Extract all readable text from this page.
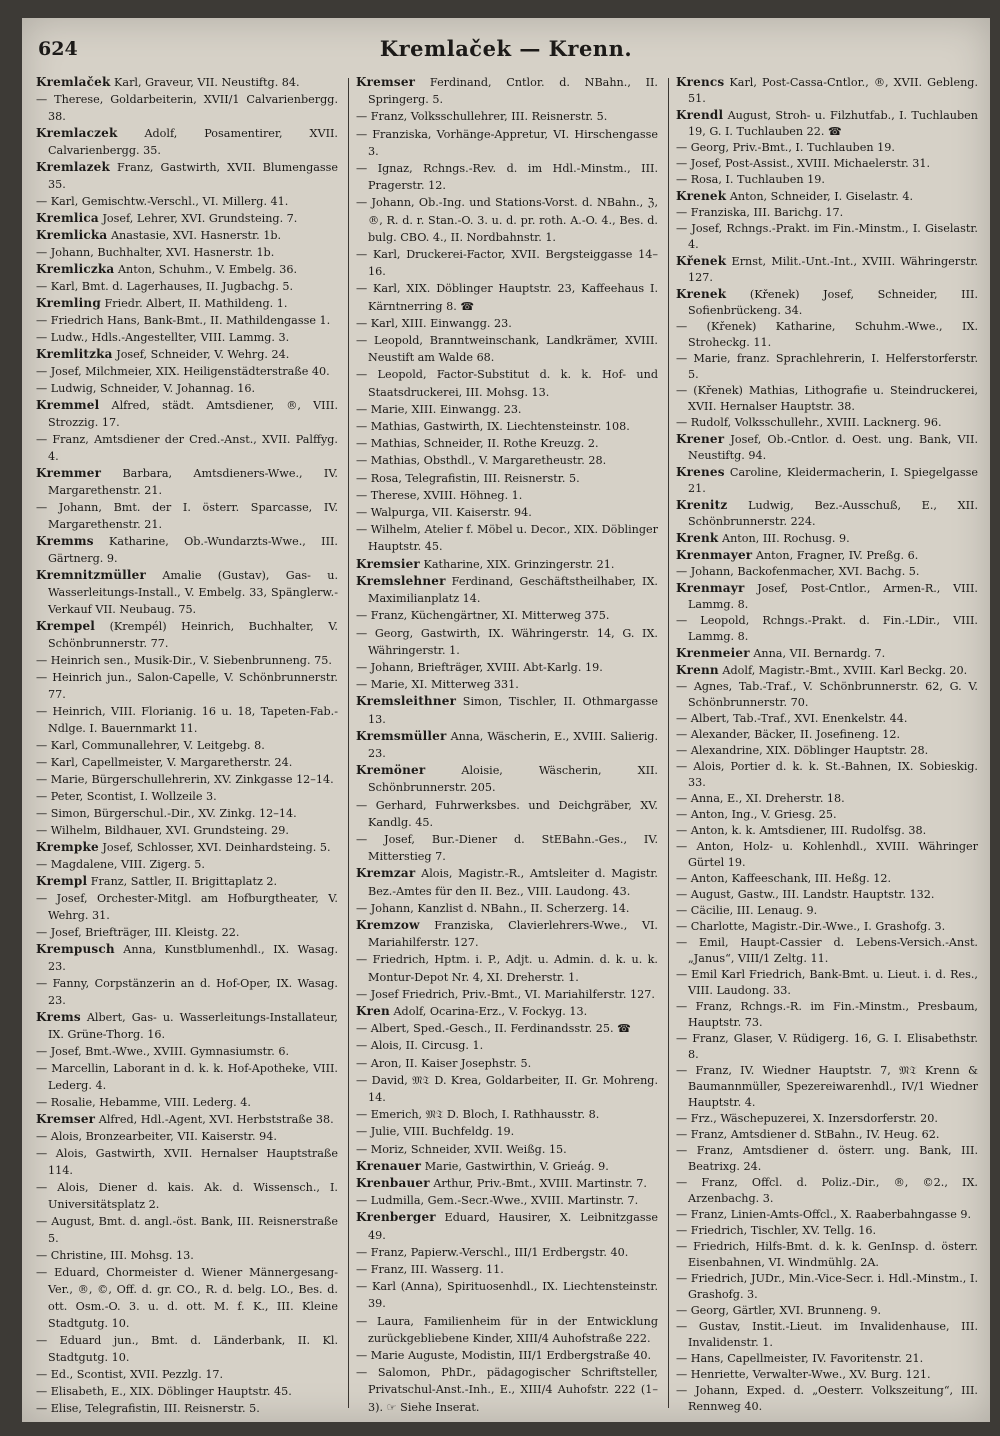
624	Kremlaček — Krenn.

Kremlaček Karl, Graveur, VII. Neustiftg. 84.

— Therese, Goldarbeiterin, XVII/1 Calvarienbergg. 38.

Kremlaczek Adolf, Posamentirer, XVII. Calvarienbergg. 35.

Kremlazek Franz, Gastwirth, XVII. Blumengasse 35.

— Karl, Gemischtw.-Verschl., VI. Millerg. 41.

Kremlica Josef, Lehrer, XVI. Grundsteing. 7.

Kremlicka Anastasie, XVI. Hasnerstr. 1b.

— Johann, Buchhalter, XVI. Hasnerstr. 1b.

Kremliczka Anton, Schuhm., V. Embelg. 36.

— Karl, Bmt. d. Lagerhauses, II. Jugbachg. 5.

Kremling Friedr. Albert, II. Mathildeng. 1.

— Friedrich Hans, Bank-Bmt., II. Mathildengasse 1.

— Ludw., Hdls.-Angestellter, VIII. Lammg. 3.

Kremlitzka Josef, Schneider, V. Wehrg. 24.

— Josef, Milchmeier, XIX. Heiligenstädterstraße 40.

— Ludwig, Schneider, V. Johannag. 16.

Kremmel Alfred, städt. Amtsdiener, ®, VIII. Strozzig. 17.

— Franz, Amtsdiener der Cred.-Anst., XVII. Palffyg. 4.

Kremmer Barbara, Amtsdieners-Wwe., IV. Margarethenstr. 21.

— Johann, Bmt. der I. österr. Sparcasse, IV. Margarethenstr. 21.

Kremms Katharine, Ob.-Wundarzts-Wwe., III. Gärtnerg. 9.

Kremnitzmüller Amalie (Gustav), Gas- u. Wasserleitungs-Install., V. Embelg. 33, Spänglerw.-Verkauf VII. Neubaug. 75.

Krempel (Krempél) Heinrich, Buchhalter, V. Schönbrunnerstr. 77.

— Heinrich sen., Musik-Dir., V. Siebenbrunneng. 75.

— Heinrich jun., Salon-Capelle, V. Schönbrunnerstr. 77.

— Heinrich, VIII. Florianig. 16 u. 18, Tapeten-Fab.-Ndlge. I. Bauernmarkt 11.

— Karl, Communallehrer, V. Leitgebg. 8.

— Karl, Capellmeister, V. Margaretherstr. 24.

— Marie, Bürgerschullehrerin, XV. Zinkgasse 12–14.

— Peter, Scontist, I. Wollzeile 3.

— Simon, Bürgerschul.-Dir., XV. Zinkg. 12–14.

— Wilhelm, Bildhauer, XVI. Grundsteing. 29.

Krempke Josef, Schlosser, XVI. Deinhardsteing. 5.

— Magdalene, VIII. Zigerg. 5.

Krempl Franz, Sattler, II. Brigittaplatz 2.

— Josef, Orchester-Mitgl. am Hofburgtheater, V. Wehrg. 31.

— Josef, Briefträger, III. Kleistg. 22.

Krempusch Anna, Kunstblumenhdl., IX. Wasag. 23.

— Fanny, Corpstänzerin an d. Hof-Oper, IX. Wasag. 23.

Krems Albert, Gas- u. Wasserleitungs-Installateur, IX. Grüne-Thorg. 16.

— Josef, Bmt.-Wwe., XVIII. Gymnasiumstr. 6.

— Marcellin, Laborant in d. k. k. Hof-Apotheke, VIII. Lederg. 4.

— Rosalie, Hebamme, VIII. Lederg. 4.

Kremser Alfred, Hdl.-Agent, XVI. Herbststraße 38.

— Alois, Bronzearbeiter, VII. Kaiserstr. 94.

— Alois, Gastwirth, XVII. Hernalser Hauptstraße 114.

— Alois, Diener d. kais. Ak. d. Wissensch., I. Universitätsplatz 2.

— August, Bmt. d. angl.-öst. Bank, III. Reisnerstraße 5.

— Christine, III. Mohsg. 13.

— Eduard, Chormeister d. Wiener Männergesang-Ver., ®, ©, Off. d. gr. CO., R. d. belg. LO., Bes. d. ott. Osm.-O. 3. u. d. ott. M. f. K., III. Kleine Stadtgutg. 10.

— Eduard jun., Bmt. d. Länderbank, II. Kl. Stadtgutg. 10.

— Ed., Scontist, XVII. Pezzlg. 17.

— Elisabeth, E., XIX. Döblinger Hauptstr. 45.

— Elise, Telegrafistin, III. Reisnerstr. 5.

Kremser Ferdinand, Cntlor. d. NBahn., II. Springerg. 5.

— Franz, Volksschullehrer, III. Reisnerstr. 5.

— Franziska, Vorhänge-Appretur, VI. Hirschengasse 3.

— Ignaz, Rchngs.-Rev. d. im Hdl.-Minstm., III. Pragerstr. 12.

— Johann, Ob.-Ing. und Stations-Vorst. d. NBahn., ℨ, ®, R. d. r. Stan.-O. 3. u. d. pr. roth. A.-O. 4., Bes. d. bulg. CBO. 4., II. Nordbahnstr. 1.

— Karl, Druckerei-Factor, XVII. Bergsteiggasse 14–16.

— Karl, XIX. Döblinger Hauptstr. 23, Kaffeehaus I. Kärntnerring 8. ☎

— Karl, XIII. Einwangg. 23.

— Leopold, Branntweinschank, Landkrämer, XVIII. Neustift am Walde 68.

— Leopold, Factor-Substitut d. k. k. Hof- und Staatsdruckerei, III. Mohsg. 13.

— Marie, XIII. Einwangg. 23.

— Mathias, Gastwirth, IX. Liechtensteinstr. 108.

— Mathias, Schneider, II. Rothe Kreuzg. 2.

— Mathias, Obsthdl., V. Margaretheustr. 28.

— Rosa, Telegrafistin, III. Reisnerstr. 5.

— Therese, XVIII. Höhneg. 1.

— Walpurga, VII. Kaiserstr. 94.

— Wilhelm, Atelier f. Möbel u. Decor., XIX. Döblinger Hauptstr. 45.

Kremsier Katharine, XIX. Grinzingerstr. 21.

Kremslehner Ferdinand, Geschäftstheilhaber, IX. Maximilianplatz 14.

— Franz, Küchengärtner, XI. Mitterweg 375.

— Georg, Gastwirth, IX. Währingerstr. 14, G. IX. Währingerstr. 1.

— Johann, Briefträger, XVIII. Abt-Karlg. 19.

— Marie, XI. Mitterweg 331.

Kremsleithner Simon, Tischler, II. Othmargasse 13.

Kremsmüller Anna, Wäscherin, E., XVIII. Salierig. 23.

Kremöner Aloisie, Wäscherin, XII. Schönbrunnerstr. 205.

— Gerhard, Fuhrwerksbes. und Deichgräber, XV. Kandlg. 45.

— Josef, Bur.-Diener d. StEBahn.-Ges., IV. Mitterstieg 7.

Kremzar Alois, Magistr.-R., Amtsleiter d. Magistr. Bez.-Amtes für den II. Bez., VIII. Laudong. 43.

— Johann, Kanzlist d. NBahn., II. Scherzerg. 14.

Kremzow Franziska, Clavierlehrers-Wwe., VI. Mariahilferstr. 127.

— Friedrich, Hptm. i. P., Adjt. u. Admin. d. k. u. k. Montur-Depot Nr. 4, XI. Dreherstr. 1.

— Josef Friedrich, Priv.-Bmt., VI. Mariahilferstr. 127.

Kren Adolf, Ocarina-Erz., V. Fockyg. 13.

— Albert, Sped.-Gesch., II. Ferdinandsstr. 25. ☎

— Alois, II. Circusg. 1.

— Aron, II. Kaiser Josephstr. 5.

— David, 𝔐𝔗 D. Krea, Goldarbeiter, II. Gr. Mohreng. 14.

— Emerich, 𝔐𝔗 D. Bloch, I. Rathhausstr. 8.

— Julie, VIII. Buchfeldg. 19.

— Moriz, Schneider, XVII. Weißg. 15.

Krenauer Marie, Gastwirthin, V. Grieág. 9.

Krenbauer Arthur, Priv.-Bmt., XVIII. Martinstr. 7.

— Ludmilla, Gem.-Secr.-Wwe., XVIII. Martinstr. 7.

Krenberger Eduard, Hausirer, X. Leibnitzgasse 49.

— Franz, Papierw.-Verschl., III/1 Erdbergstr. 40.

— Franz, III. Wasserg. 11.

— Karl (Anna), Spirituosenhdl., IX. Liechtensteinstr. 39.

— Laura, Familienheim für in der Entwicklung zurückgebliebene Kinder, XIII/4 Auhofstraße 222.

— Marie Auguste, Modistin, III/1 Erdbergstraße 40.

— Salomon, PhDr., pädagogischer Schriftsteller, Privatschul-Anst.-Inh., E., XIII/4 Auhofstr. 222 (1–3). ☞ Siehe Inserat.

Krencs Karl, Post-Cassa-Cntlor., ®, XVII. Gebleng. 51.

Krendl August, Stroh- u. Filzhutfab., I. Tuchlauben 19, G. I. Tuchlauben 22. ☎

— Georg, Priv.-Bmt., I. Tuchlauben 19.

— Josef, Post-Assist., XVIII. Michaelerstr. 31.

— Rosa, I. Tuchlauben 19.

Krenek Anton, Schneider, I. Giselastr. 4.

— Franziska, III. Barichg. 17.

— Josef, Rchngs.-Prakt. im Fin.-Minstm., I. Giselastr. 4.

Křenek Ernst, Milit.-Unt.-Int., XVIII. Währingerstr. 127.

Krenek (Křenek) Josef, Schneider, III. Sofienbrückeng. 34.

— (Křenek) Katharine, Schuhm.-Wwe., IX. Stroheckg. 11.

— Marie, franz. Sprachlehrerin, I. Helferstorferstr. 5.

— (Křenek) Mathias, Lithografie u. Steindruckerei, XVII. Hernalser Hauptstr. 38.

— Rudolf, Volksschullehr., XVIII. Lacknerg. 96.

Krener Josef, Ob.-Cntlor. d. Oest. ung. Bank, VII. Neustiftg. 94.

Krenes Caroline, Kleidermacherin, I. Spiegelgasse 21.

Krenitz Ludwig, Bez.-Ausschuß, E., XII. Schönbrunnerstr. 224.

Krenk Anton, III. Rochusg. 9.

Krenmayer Anton, Fragner, IV. Preßg. 6.

— Johann, Backofenmacher, XVI. Bachg. 5.

Krenmayr Josef, Post-Cntlor., Armen-R., VIII. Lammg. 8.

— Leopold, Rchngs.-Prakt. d. Fin.-LDir., VIII. Lammg. 8.

Krenmeier Anna, VII. Bernardg. 7.

Krenn Adolf, Magistr.-Bmt., XVIII. Karl Beckg. 20.

— Agnes, Tab.-Traf., V. Schönbrunnerstr. 62, G. V. Schönbrunnerstr. 70.

— Albert, Tab.-Traf., XVI. Enenkelstr. 44.

— Alexander, Bäcker, II. Josefineng. 12.

— Alexandrine, XIX. Döblinger Hauptstr. 28.

— Alois, Portier d. k. k. St.-Bahnen, IX. Sobieskig. 33.

— Anna, E., XI. Dreherstr. 18.

— Anton, Ing., V. Griesg. 25.

— Anton, k. k. Amtsdiener, III. Rudolfsg. 38.

— Anton, Holz- u. Kohlenhdl., XVIII. Währinger Gürtel 19.

— Anton, Kaffeeschank, III. Heßg. 12.

— August, Gastw., III. Landstr. Hauptstr. 132.

— Cäcilie, III. Lenaug. 9.

— Charlotte, Magistr.-Dir.-Wwe., I. Grashofg. 3.

— Emil, Haupt-Cassier d. Lebens-Versich.-Anst. „Janus“, VIII/1 Zeltg. 11.

— Emil Karl Friedrich, Bank-Bmt. u. Lieut. i. d. Res., VIII. Laudong. 33.

— Franz, Rchngs.-R. im Fin.-Minstm., Presbaum, Hauptstr. 73.

— Franz, Glaser, V. Rüdigerg. 16, G. I. Elisabethstr. 8.

— Franz, IV. Wiedner Hauptstr. 7, 𝔐𝔗 Krenn & Baumannmüller, Spezereiwarenhdl., IV/1 Wiedner Hauptstr. 4.

— Frz., Wäschepuzerei, X. Inzersdorferstr. 20.

— Franz, Amtsdiener d. StBahn., IV. Heug. 62.

— Franz, Amtsdiener d. österr. ung. Bank, III. Beatrixg. 24.

— Franz, Offcl. d. Poliz.-Dir., ®, ©2., IX. Arzenbachg. 3.

— Franz, Linien-Amts-Offcl., X. Raaberbahngasse 9.

— Friedrich, Tischler, XV. Tellg. 16.

— Friedrich, Hilfs-Bmt. d. k. k. GenInsp. d. österr. Eisenbahnen, VI. Windmühlg. 2A.

— Friedrich, JUDr., Min.-Vice-Secr. i. Hdl.-Minstm., I. Grashofg. 3.

— Georg, Gärtler, XVI. Brunneng. 9.

— Gustav, Instit.-Lieut. im Invalidenhause, III. Invalidenstr. 1.

— Hans, Capellmeister, IV. Favoritenstr. 21.

— Henriette, Verwalter-Wwe., XV. Burg. 121.

— Johann, Exped. d. „Oesterr. Volkszeitung“, III. Rennweg 40.
